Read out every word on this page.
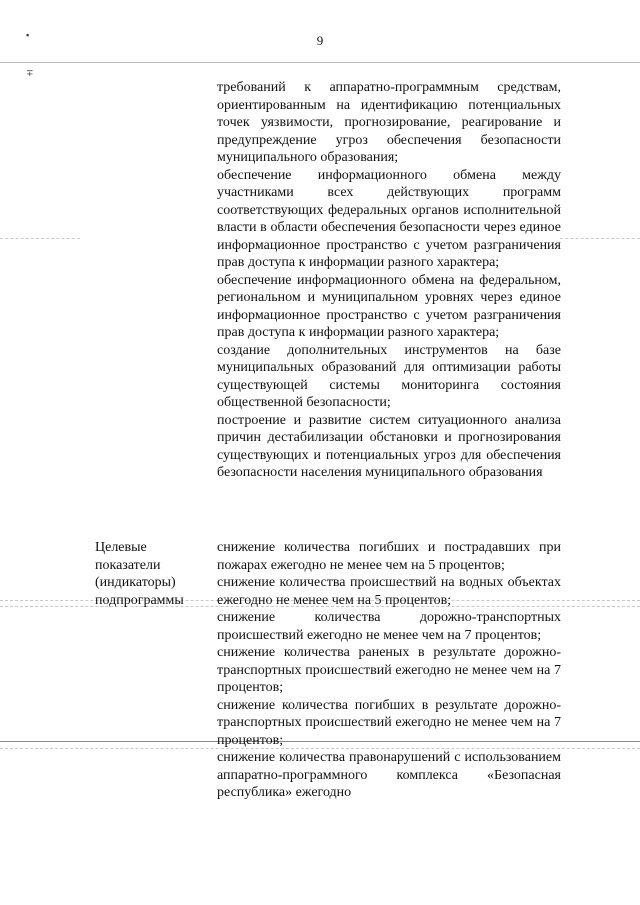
9
▪
∓

требований к аппаратно-программным средствам, ориентированным на идентификацию потенциальных точек уязвимости, прогнозирование, реагирование и предупреждение угроз обеспечения безопасности муниципального образования;

обеспечение информационного обмена между участниками всех действующих программ соответствующих федеральных органов исполнительной власти в области обеспечения безопасности через единое информационное пространство с учетом разграничения прав доступа к информации разного характера;

обеспечение информационного обмена на федеральном, региональном и муниципальном уровнях через единое информационное пространство с учетом разграничения прав доступа к информации разного характера;

создание дополнительных инструментов на базе муниципальных образований для оптимизации работы существующей системы мониторинга состояния общественной безопасности;

построение и развитие систем ситуационного анализа причин дестабилизации обстановки и прогнозирования существующих и потенциальных угроз для обеспечения безопасности населения муниципального образования

Целевые
показатели
(индикаторы)
подпрограммы

снижение количества погибших и пострадавших при пожарах ежегодно не менее чем на 5 процентов;

снижение количества происшествий на водных объектах ежегодно не менее чем на 5 процентов;

снижение количества дорожно-транспортных происшествий ежегодно не менее чем на 7 процентов;

снижение количества раненых в результате дорожно-транспортных происшествий ежегодно не менее чем на 7 процентов;

снижение количества погибших в результате дорожно-транспортных происшествий ежегодно не менее чем на 7 процентов;

снижение количества правонарушений с использованием аппаратно-программного комплекса «Безопасная республика» ежегодно
